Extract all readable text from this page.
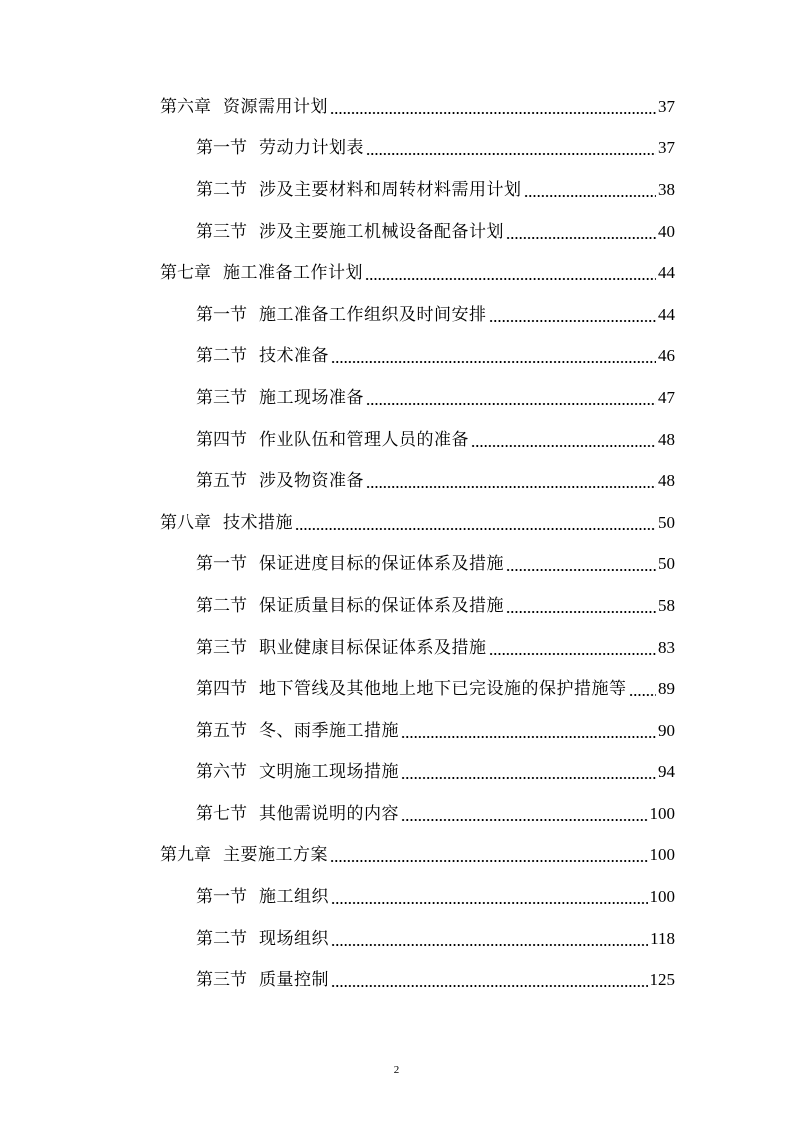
第六章 资源需用计划	37
第一节 劳动力计划表	37
第二节 涉及主要材料和周转材料需用计划	38
第三节 涉及主要施工机械设备配备计划	40
第七章 施工准备工作计划	44
第一节 施工准备工作组织及时间安排	44
第二节 技术准备	46
第三节 施工现场准备	47
第四节 作业队伍和管理人员的准备	48
第五节 涉及物资准备	48
第八章 技术措施	50
第一节 保证进度目标的保证体系及措施	50
第二节 保证质量目标的保证体系及措施	58
第三节 职业健康目标保证体系及措施	83
第四节 地下管线及其他地上地下已完设施的保护措施等 89
第五节 冬、雨季施工措施	90
第六节 文明施工现场措施	94
第七节 其他需说明的内容	100
第九章 主要施工方案	100
第一节 施工组织	100
第二节 现场组织	118
第三节 质量控制	125
2
